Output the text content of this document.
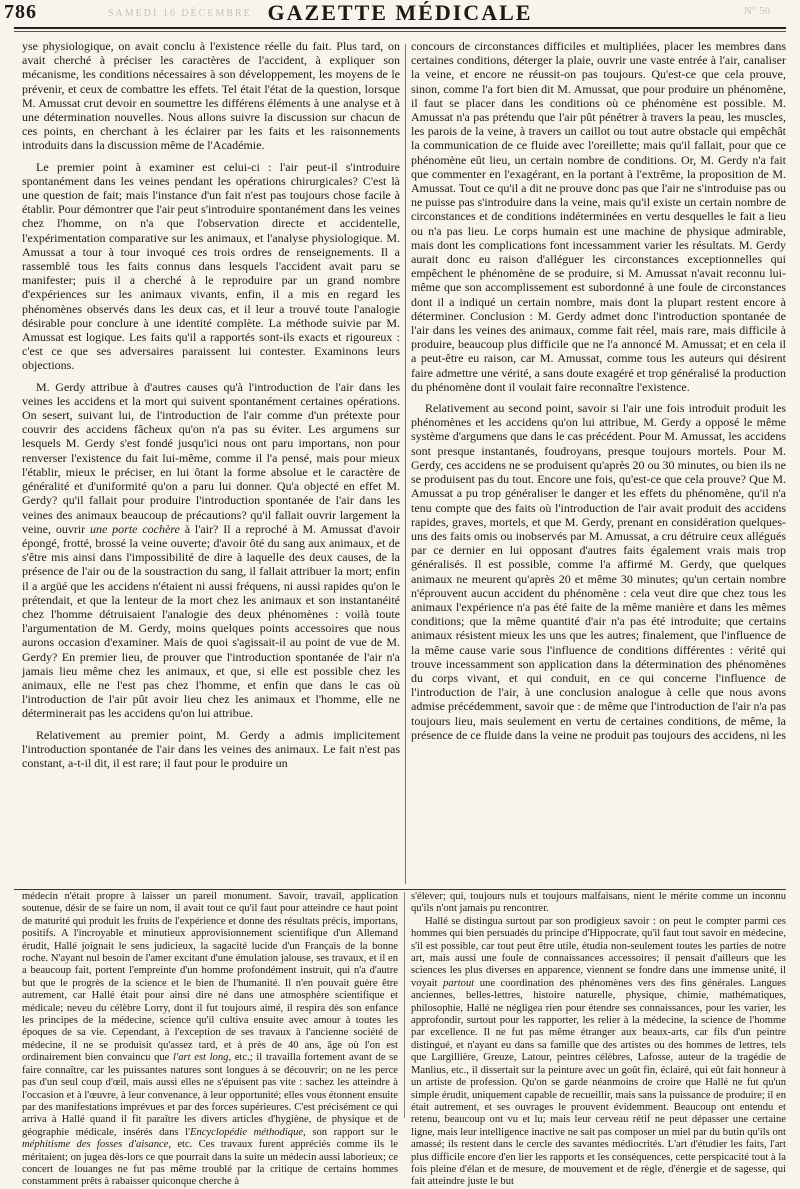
786	SAMEDI 16 DÉCEMBRE GAZETTE MÉDICALE	N° 50

yse physiologique, on avait conclu à l'existence réelle du fait. Plus tard, on avait cherché à préciser les caractères de l'accident, à expliquer son mécanisme, les conditions nécessaires à son développement, les moyens de le prévenir, et ceux de combattre les effets. Tel était l'état de la question, lorsque M. Amussat crut devoir en soumettre les différens éléments à une analyse et à une détermination nouvelles. Nous allons suivre la discussion sur chacun de ces points, en cherchant à les éclairer par les faits et les raisonnements introduits dans la discussion même de l'Académie.

Le premier point à examiner est celui-ci : l'air peut-il s'introduire spontanément dans les veines pendant les opérations chirurgicales? C'est là une question de fait; mais l'instance d'un fait n'est pas toujours chose facile à établir. Pour démontrer que l'air peut s'introduire spontanément dans les veines chez l'homme, on n'a que l'observation directe et accidentelle, l'expérimentation comparative sur les animaux, et l'analyse physiologique. M. Amussat a tour à tour invoqué ces trois ordres de renseignements. Il a rassemblé tous les faits connus dans lesquels l'accident avait paru se manifester; puis il a cherché à le reproduire par un grand nombre d'expériences sur les animaux vivants, enfin, il a mis en regard les phénomènes observés dans les deux cas, et il leur a trouvé toute l'analogie désirable pour conclure à une identité complète. La méthode suivie par M. Amussat est logique. Les faits qu'il a rapportés sont-ils exacts et rigoureux : c'est ce que ses adversaires paraissent lui contester. Examinons leurs objections.

M. Gerdy attribue à d'autres causes qu'à l'introduction de l'air dans les veines les accidens et la mort qui suivent spontanément certaines opérations. On sesert, suivant lui, de l'introduction de l'air comme d'un prétexte pour couvrir des accidens fâcheux qu'on n'a pas su éviter. Les argumens sur lesquels M. Gerdy s'est fondé jusqu'ici nous ont paru importans, non pour renverser l'existence du fait lui-même, comme il l'a pensé, mais pour mieux l'établir, mieux le préciser, en lui ôtant la forme absolue et le caractère de généralité et d'uniformité qu'on a paru lui donner. Qu'a objecté en effet M. Gerdy? qu'il fallait pour produire l'introduction spontanée de l'air dans les veines des animaux beaucoup de précautions? qu'il fallait ouvrir largement la veine, ouvrir une porte cochère à l'air? Il a reproché à M. Amussat d'avoir épongé, frotté, brossé la veine ouverte; d'avoir ôté du sang aux animaux, et de s'être mis ainsi dans l'impossibilité de dire à laquelle des deux causes, de la présence de l'air ou de la soustraction du sang, il fallait attribuer la mort; enfin il a argüé que les accidens n'étaient ni aussi fréquens, ni aussi rapides qu'on le prétendait, et que la lenteur de la mort chez les animaux et son instantanéité chez l'homme détruisaient l'analogie des deux phénomènes : voilà toute l'argumentation de M. Gerdy, moins quelques points accessoires que nous aurons occasion d'examiner. Mais de quoi s'agissait-il au point de vue de M. Gerdy? En premier lieu, de prouver que l'introduction spontanée de l'air n'a jamais lieu même chez les animaux, et que, si elle est possible chez les animaux, elle ne l'est pas chez l'homme, et enfin que dans le cas où l'introduction de l'air pût avoir lieu chez les animaux et l'homme, elle ne déterminerait pas les accidens qu'on lui attribue.

Relativement au premier point, M. Gerdy a admis implicitement l'introduction spontanée de l'air dans les veines des animaux. Le fait n'est pas constant, a-t-il dit, il est rare; il faut pour le produire un

concours de circonstances difficiles et multipliées, placer les membres dans certaines conditions, déterger la plaie, ouvrir une vaste entrée à l'air, canaliser la veine, et encore ne réussit-on pas toujours. Qu'est-ce que cela prouve, sinon, comme l'a fort bien dit M. Amussat, que pour produire un phénomène, il faut se placer dans les conditions où ce phénomène est possible. M. Amussat n'a pas prétendu que l'air pût pénétrer à travers la peau, les muscles, les parois de la veine, à travers un caillot ou tout autre obstacle qui empêchât la communication de ce fluide avec l'oreillette; mais qu'il fallait, pour que ce phénomène eût lieu, un certain nombre de conditions. Or, M. Gerdy n'a fait que commenter en l'exagérant, en la portant à l'extrême, la proposition de M. Amussat. Tout ce qu'il a dit ne prouve donc pas que l'air ne s'introduise pas ou ne puisse pas s'introduire dans la veine, mais qu'il existe un certain nombre de circonstances et de conditions indéterminées en vertu desquelles le fait a lieu ou n'a pas lieu. Le corps humain est une machine de physique admirable, mais dont les complications font incessamment varier les résultats. M. Gerdy aurait donc eu raison d'alléguer les circonstances exceptionnelles qui empêchent le phénomène de se produire, si M. Amussat n'avait reconnu lui-même que son accomplissement est subordonné à une foule de circonstances dont il a indiqué un certain nombre, mais dont la plupart restent encore à déterminer. Conclusion : M. Gerdy admet donc l'introduction spontanée de l'air dans les veines des animaux, comme fait réel, mais rare, mais difficile à produire, beaucoup plus difficile que ne l'a annoncé M. Amussat; et en cela il a peut-être eu raison, car M. Amussat, comme tous les auteurs qui désirent faire admettre une vérité, a sans doute exagéré et trop généralisé la production du phénomène dont il voulait faire reconnaître l'existence.

Relativement au second point, savoir si l'air une fois introduit produit les phénomènes et les accidens qu'on lui attribue, M. Gerdy a opposé le même système d'argumens que dans le cas précédent. Pour M. Amussat, les accidens sont presque instantanés, foudroyans, presque toujours mortels. Pour M. Gerdy, ces accidens ne se produisent qu'après 20 ou 30 minutes, ou bien ils ne se produisent pas du tout. Encore une fois, qu'est-ce que cela prouve? Que M. Amussat a pu trop généraliser le danger et les effets du phénomène, qu'il n'a tenu compte que des faits où l'introduction de l'air avait produit des accidens rapides, graves, mortels, et que M. Gerdy, prenant en considération quelques-uns des faits omis ou inobservés par M. Amussat, a cru détruire ceux allégués par ce dernier en lui opposant d'autres faits également vrais mais trop généralisés. Il est possible, comme l'a affirmé M. Gerdy, que quelques animaux ne meurent qu'après 20 et même 30 minutes; qu'un certain nombre n'éprouvent aucun accident du phénomène : cela veut dire que chez tous les animaux l'expérience n'a pas été faite de la même manière et dans les mêmes conditions; que la même quantité d'air n'a pas été introduite; que certains animaux résistent mieux les uns que les autres; finalement, que l'influence de la même cause varie sous l'influence de conditions différentes : vérité qui trouve incessamment son application dans la détermination des phénomènes du corps vivant, et qui conduit, en ce qui concerne l'influence de l'introduction de l'air, à une conclusion analogue à celle que nous avons admise précédemment, savoir que : de même que l'introduction de l'air n'a pas toujours lieu, mais seulement en vertu de certaines conditions, de même, la présence de ce fluide dans la veine ne produit pas toujours des accidens, ni les

médecin n'était propre à laisser un pareil monument. Savoir, travail, application soutenue, désir de se faire un nom, il avait tout ce qu'il faut pour atteindre ce haut point de maturité qui produit les fruits de l'expérience et donne des résultats précis, importans, positifs. A l'incroyable et minutieux approvisionnement scientifique d'un Allemand érudit, Hallé joignait le sens judicieux, la sagacité lucide d'un Français de la bonne roche. N'ayant nul besoin de l'amer excitant d'une émulation jalouse, ses travaux, et il en a beaucoup fait, portent l'empreinte d'un homme profondément instruit, qui n'a d'autre but que le progrès de la science et le bien de l'humanité. Il n'en pouvait guère être autrement, car Hallé était pour ainsi dire né dans une atmosphère scientifique et médicale; neveu du célèbre Lorry, dont il fut toujours aimé, il respira dès son enfance les principes de la médecine, science qu'il cultiva ensuite avec amour à toutes les époques de sa vie. Cependant, à l'exception de ses travaux à l'ancienne société de médecine, il ne se produisit qu'assez tard, et à près de 40 ans, âge où l'on est ordinairement bien convaincu que l'art est long, etc.; il travailla fortement avant de se faire connaître, car les puissantes natures sont longues à se découvrir; on ne les perce pas d'un seul coup d'œil, mais aussi elles ne s'épuisent pas vite : sachez les atteindre à l'occasion et à l'œuvre, à leur convenance, à leur opportunité; elles vous étonnent ensuite par des manifestations imprévues et par des forces supérieures. C'est précisément ce qui arriva à Hallé quand il fit paraître les divers articles d'hygiène, de physique et de géographie médicale, insérés dans l'Encyclopédie méthodique, son rapport sur le méphitisme des fosses d'aisance, etc. Ces travaux furent appréciés comme ils le méritaient; on jugea dès-lors ce que pourrait dans la suite un médecin aussi laborieux; ce concert de louanges ne fut pas même troublé par la critique de certains hommes constamment prêts à rabaisser quiconque cherche à

s'élever; qui, toujours nuls et toujours malfaisans, nient le mérite comme un inconnu qu'ils n'ont jamais pu rencontrer.

Hallé se distingua surtout par son prodigieux savoir : on peut le compter parmi ces hommes qui bien persuadés du principe d'Hippocrate, qu'il faut tout savoir en médecine, s'il est possible, car tout peut être utile, étudia non-seulement toutes les parties de notre art, mais aussi une foule de connaissances accessoires; il pensait d'ailleurs que les sciences les plus diverses en apparence, viennent se fondre dans une immense unité, il voyait partout une coordination des phénomènes vers des fins générales. Langues anciennes, belles-lettres, histoire naturelle, physique, chimie, mathématiques, philosophie, Hallé ne négligea rien pour étendre ses connaissances, pour les varier, les approfondir, surtout pour les rapporter, les relier à la médecine, la science de l'homme par excellence. Il ne fut pas même étranger aux beaux-arts, car fils d'un peintre distingué, et n'ayant eu dans sa famille que des artistes ou des hommes de lettres, tels que Largillière, Greuze, Latour, peintres célèbres, Lafosse, auteur de la tragédie de Manlius, etc., il dissertait sur la peinture avec un goût fin, éclairé, qui eût fait honneur à un artiste de profession. Qu'on se garde néanmoins de croire que Hallé ne fut qu'un simple érudit, uniquement capable de recueillir, mais sans la puissance de produire; il en était autrement, et ses ouvrages le prouvent évidemment. Beaucoup ont entendu et retenu, beaucoup ont vu et lu; mais leur cerveau rétif ne peut dépasser une certaine ligne, mais leur intelligence inactive ne sait pas composer un miel par du butin qu'ils ont amassé; ils restent dans le cercle des savantes médiocrités. L'art d'étudier les faits, l'art plus difficile encore d'en lier les rapports et les conséquences, cette perspicacité tout à la fois pleine d'élan et de mesure, de mouvement et de règle, d'énergie et de sagesse, qui fait atteindre juste le but
